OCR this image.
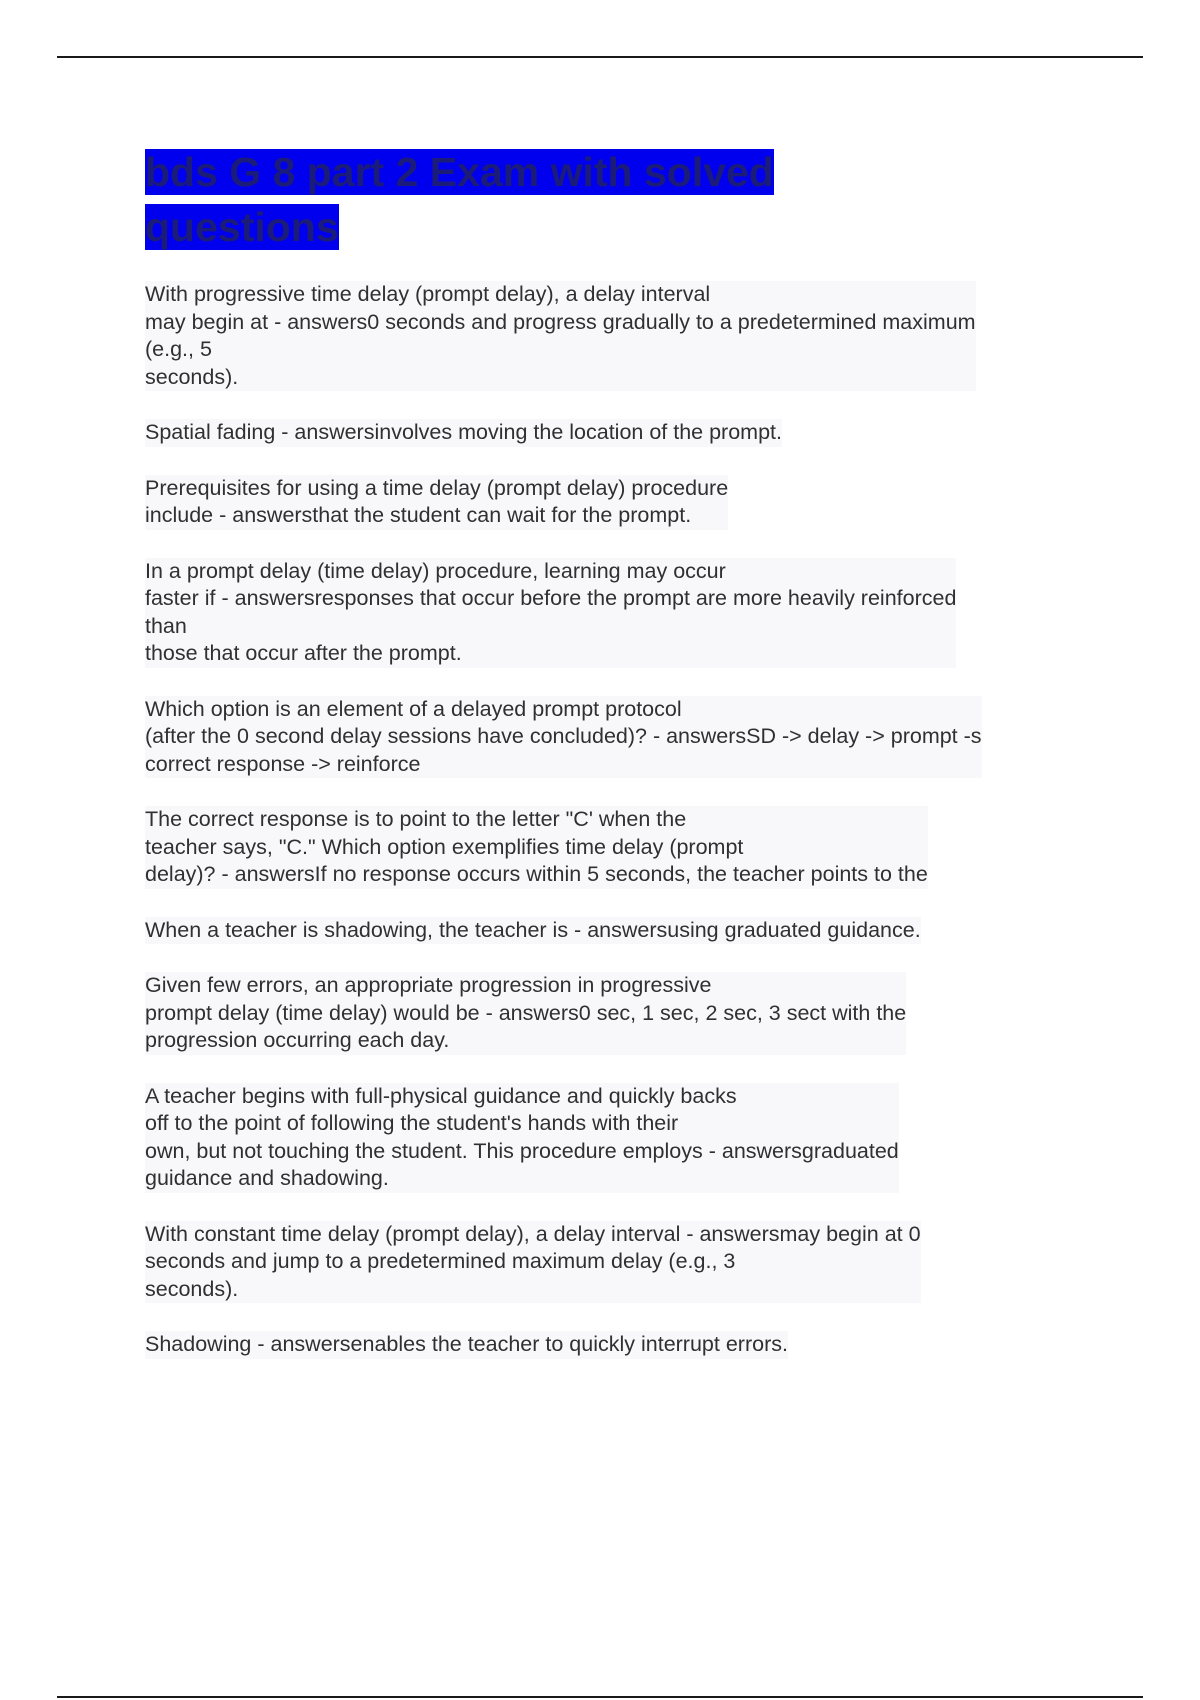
bds G 8 part 2 Exam with solved questions
With progressive time delay (prompt delay), a delay interval
may begin at - answers0 seconds and progress gradually to a predetermined maximum
(e.g., 5
seconds).
Spatial fading - answersinvolves moving the location of the prompt.
Prerequisites for using a time delay (prompt delay) procedure
include - answersthat the student can wait for the prompt.
In a prompt delay (time delay) procedure, learning may occur
faster if - answersresponses that occur before the prompt are more heavily reinforced
than
those that occur after the prompt.
Which option is an element of a delayed prompt protocol
(after the 0 second delay sessions have concluded)? - answersSD -> delay -> prompt -s
correct response -> reinforce
The correct response is to point to the letter "C' when the
teacher says, "C." Which option exemplifies time delay (prompt
delay)? - answersIf no response occurs within 5 seconds, the teacher points to the
When a teacher is shadowing, the teacher is - answersusing graduated guidance.
Given few errors, an appropriate progression in progressive
prompt delay (time delay) would be - answers0 sec, 1 sec, 2 sec, 3 sect with the
progression occurring each day.
A teacher begins with full-physical guidance and quickly backs
off to the point of following the student's hands with their
own, but not touching the student. This procedure employs - answersgraduated
guidance and shadowing.
With constant time delay (prompt delay), a delay interval - answersmay begin at 0
seconds and jump to a predetermined maximum delay (e.g., 3
seconds).
Shadowing - answersenables the teacher to quickly interrupt errors.
